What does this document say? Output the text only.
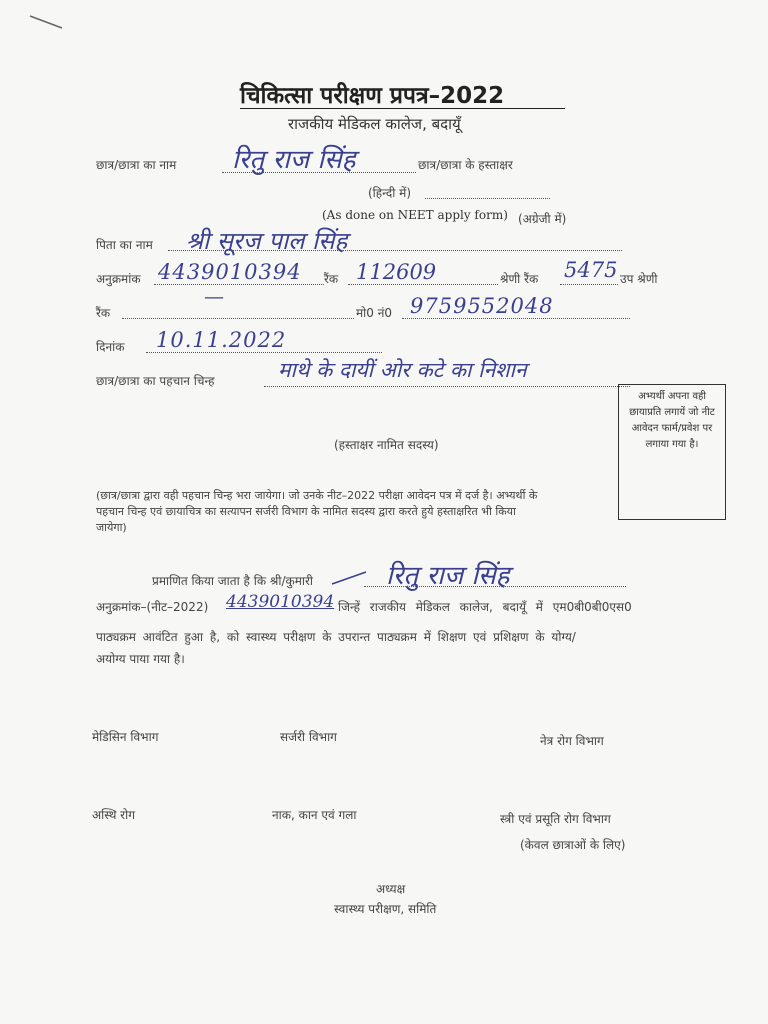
चिकित्सा परीक्षण प्रपत्र–2022
राजकीय मेडिकल कालेज, बदायूँ
छात्र/छात्रा का नाम रितु राज सिंह	छात्र/छात्रा के हस्ताक्षर
(हिन्दी में)
(As done on NEET apply form) (अग्रेजी में)
पिता का नाम श्री सूरज पाल सिंह
अनुक्रमांक 4439010394 रैंक 112609	श्रेणी रैंक 5475 उप श्रेणी
रैंक
—
मो0 नं0 9759552048
दिनांक 10.11.2022
छात्र/छात्रा का पहचान चिन्ह	माथे के दायीं ओर कटे का निशान
अभ्यर्थी अपना वही छायाप्रति लगायें जो नीट आवेदन फार्म/प्रवेश पर लगाया गया है।
(हस्ताक्षर नामित सदस्य)
(छात्र/छात्रा द्वारा वही पहचान चिन्ह भरा जायेगा। जो उनके नीट–2022 परीक्षा आवेदन पत्र में दर्ज है। अभ्यर्थी के पहचान चिन्ह एवं छायाचित्र का सत्यापन सर्जरी विभाग के नामित सदस्य द्वारा करते हुये हस्ताक्षरित भी किया जायेगा)
प्रमाणित किया जाता है कि श्री/कुमारी	रितु राज सिंह
अनुक्रमांक–(नीट–2022) 4439010394 जिन्हें राजकीय मेडिकल कालेज, बदायूँ में एम0बी0बी0एस0
पाठ्यक्रम आवंटित हुआ है, को स्वास्थ्य परीक्षण के उपरान्त पाठ्यक्रम में शिक्षण एवं प्रशिक्षण के योग्य/
अयोग्य पाया गया है।
मेडिसिन विभाग	सर्जरी विभाग	नेत्र रोग विभाग
अस्थि रोग	नाक, कान एवं गला	स्त्री एवं प्रसूति रोग विभाग
(केवल छात्राओं के लिए)
अध्यक्ष
स्वास्थ्य परीक्षण, समिति
